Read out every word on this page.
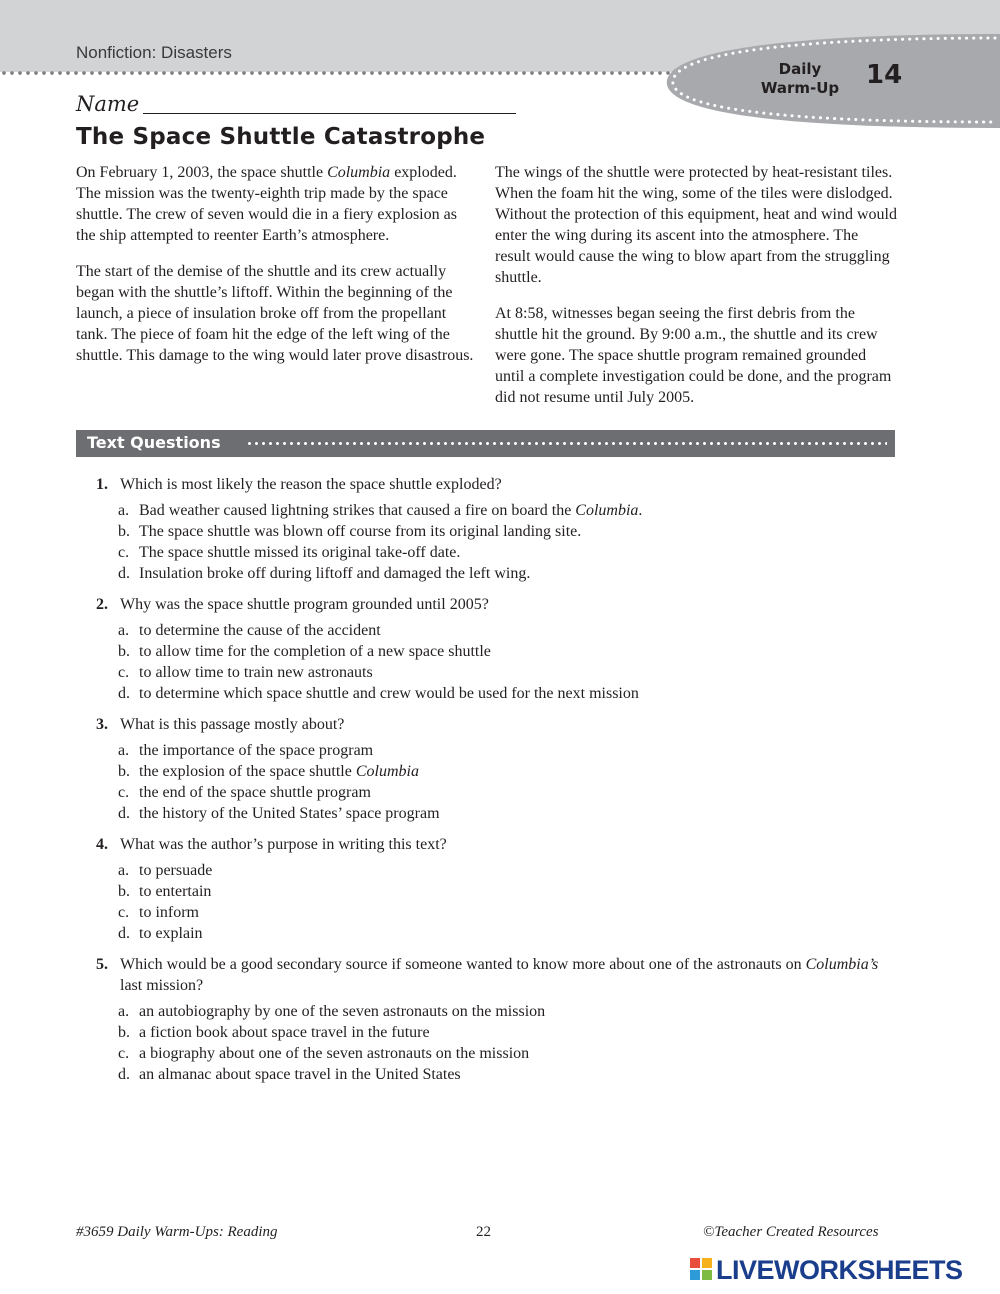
Nonfiction: Disasters
Daily
Warm-Up	14
Name
The Space Shuttle Catastrophe

On February 1, 2003, the space shuttle Columbia exploded. The mission was the twenty-eighth trip made by the space shuttle. The crew of seven would die in a fiery explosion as the ship attempted to reenter Earth’s atmosphere.

The start of the demise of the shuttle and its crew actually began with the shuttle’s liftoff. Within the beginning of the launch, a piece of insulation broke off from the propellant tank. The piece of foam hit the edge of the left wing of the shuttle. This damage to the wing would later prove disastrous.

The wings of the shuttle were protected by heat-resistant tiles. When the foam hit the wing, some of the tiles were dislodged. Without the protection of this equipment, heat and wind would enter the wing during its ascent into the atmosphere. The result would cause the wing to blow apart from the struggling shuttle.

At 8:58, witnesses began seeing the first debris from the shuttle hit the ground. By 9:00 a.m., the shuttle and its crew were gone. The space shuttle program remained grounded until a complete investigation could be done, and the program did not resume until July 2005.

Text Questions
1. Which is most likely the reason the space shuttle exploded?
a. Bad weather caused lightning strikes that caused a fire on board the Columbia.
b. The space shuttle was blown off course from its original landing site.
c. The space shuttle missed its original take-off date.
d. Insulation broke off during liftoff and damaged the left wing.
2. Why was the space shuttle program grounded until 2005?
a. to determine the cause of the accident
b. to allow time for the completion of a new space shuttle
c. to allow time to train new astronauts
d. to determine which space shuttle and crew would be used for the next mission
3. What is this passage mostly about?
a. the importance of the space program
b. the explosion of the space shuttle Columbia
c. the end of the space shuttle program
d. the history of the United States’ space program
4. What was the author’s purpose in writing this text?
a. to persuade
b. to entertain
c. to inform
d. to explain
5. Which would be a good secondary source if someone wanted to know more about one of the astronauts on Columbia’s last mission?
a. an autobiography by one of the seven astronauts on the mission
b. a fiction book about space travel in the future
c. a biography about one of the seven astronauts on the mission
d. an almanac about space travel in the United States
#3659 Daily Warm-Ups: Reading	22	©Teacher Created Resources
LIVEWORKSHEETS
